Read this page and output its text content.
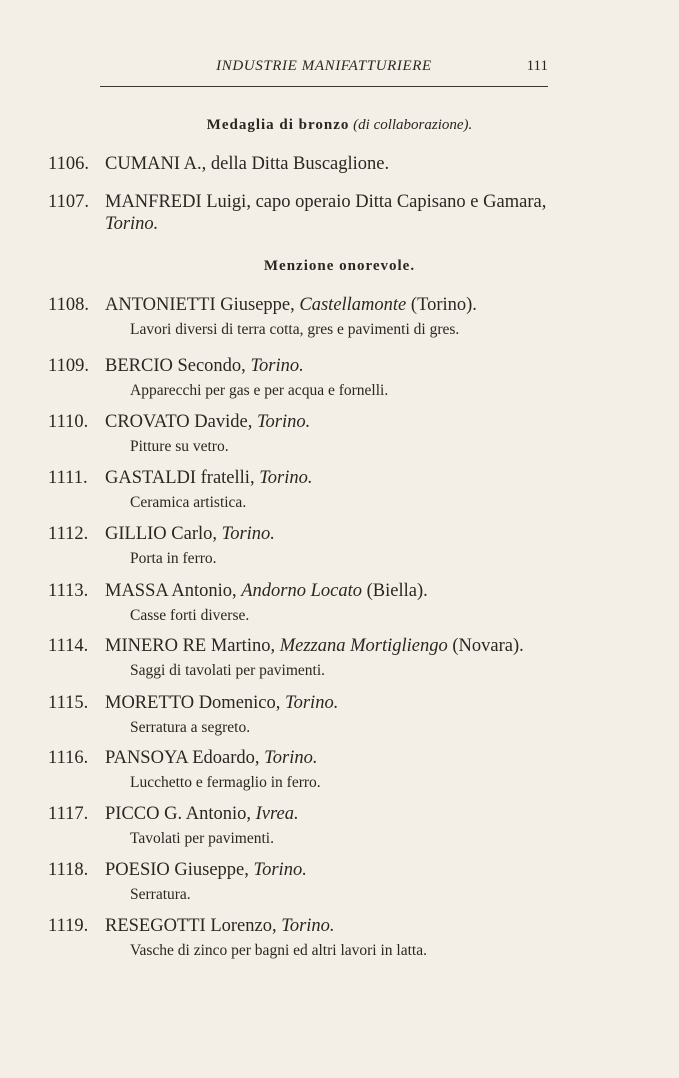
INDUSTRIE MANIFATTURIERE	111
Medaglia di bronzo (di collaborazione).
1106. CUMANI A., della Ditta Buscaglione.
1107. MANFREDI Luigi, capo operaio Ditta Capisano e Gamara,
Torino.
Menzione onorevole.
1108. ANTONIETTI Giuseppe, Castellamonte (Torino).
Lavori diversi di terra cotta, gres e pavimenti di gres.
1109. BERCIO Secondo, Torino.
Apparecchi per gas e per acqua e fornelli.
1110. CROVATO Davide, Torino.
Pitture su vetro.
1111. GASTALDI fratelli, Torino.
Ceramica artistica.
1112. GILLIO Carlo, Torino.
Porta in ferro.
1113. MASSA Antonio, Andorno Locato (Biella).
Casse forti diverse.
1114. MINERO RE Martino, Mezzana Mortigliengo (Novara).
Saggi di tavolati per pavimenti.
1115. MORETTO Domenico, Torino.
Serratura a segreto.
1116. PANSOYA Edoardo, Torino.
Lucchetto e fermaglio in ferro.
1117. PICCO G. Antonio, Ivrea.
Tavolati per pavimenti.
1118. POESIO Giuseppe, Torino.
Serratura.
1119. RESEGOTTI Lorenzo, Torino.
Vasche di zinco per bagni ed altri lavori in latta.
